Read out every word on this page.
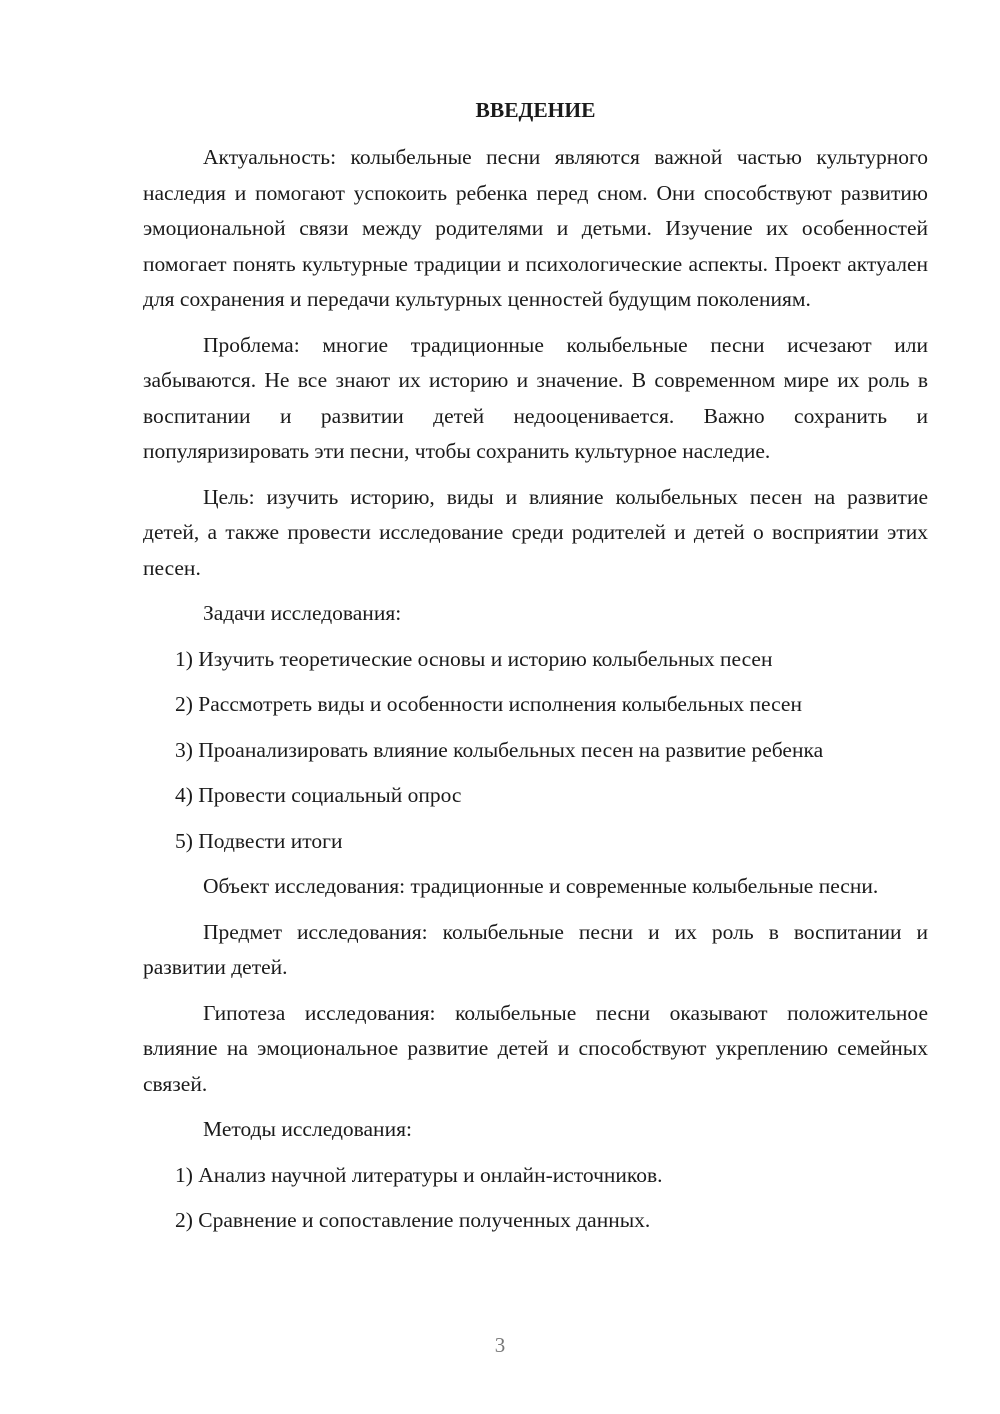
ВВЕДЕНИЕ

Актуальность: колыбельные песни являются важной частью культурного наследия и помогают успокоить ребенка перед сном. Они способствуют развитию эмоциональной связи между родителями и детьми. Изучение их особенностей помогает понять культурные традиции и психологические аспекты. Проект актуален для сохранения и передачи культурных ценностей будущим поколениям.

Проблема: многие традиционные колыбельные песни исчезают или забываются. Не все знают их историю и значение. В современном мире их роль в воспитании и развитии детей недооценивается. Важно сохранить и популяризировать эти песни, чтобы сохранить культурное наследие.

Цель: изучить историю, виды и влияние колыбельных песен на развитие детей, а также провести исследование среди родителей и детей о восприятии этих песен.

Задачи исследования:

1) Изучить теоретические основы и историю колыбельных песен

2) Рассмотреть виды и особенности исполнения колыбельных песен

3) Проанализировать влияние колыбельных песен на развитие ребенка

4) Провести социальный опрос

5) Подвести итоги

Объект исследования: традиционные и современные колыбельные песни.

Предмет исследования: колыбельные песни и их роль в воспитании и развитии детей.

Гипотеза исследования: колыбельные песни оказывают положительное влияние на эмоциональное развитие детей и способствуют укреплению семейных связей.

Методы исследования:

1) Анализ научной литературы и онлайн-источников.

2) Сравнение и сопоставление полученных данных.

3
